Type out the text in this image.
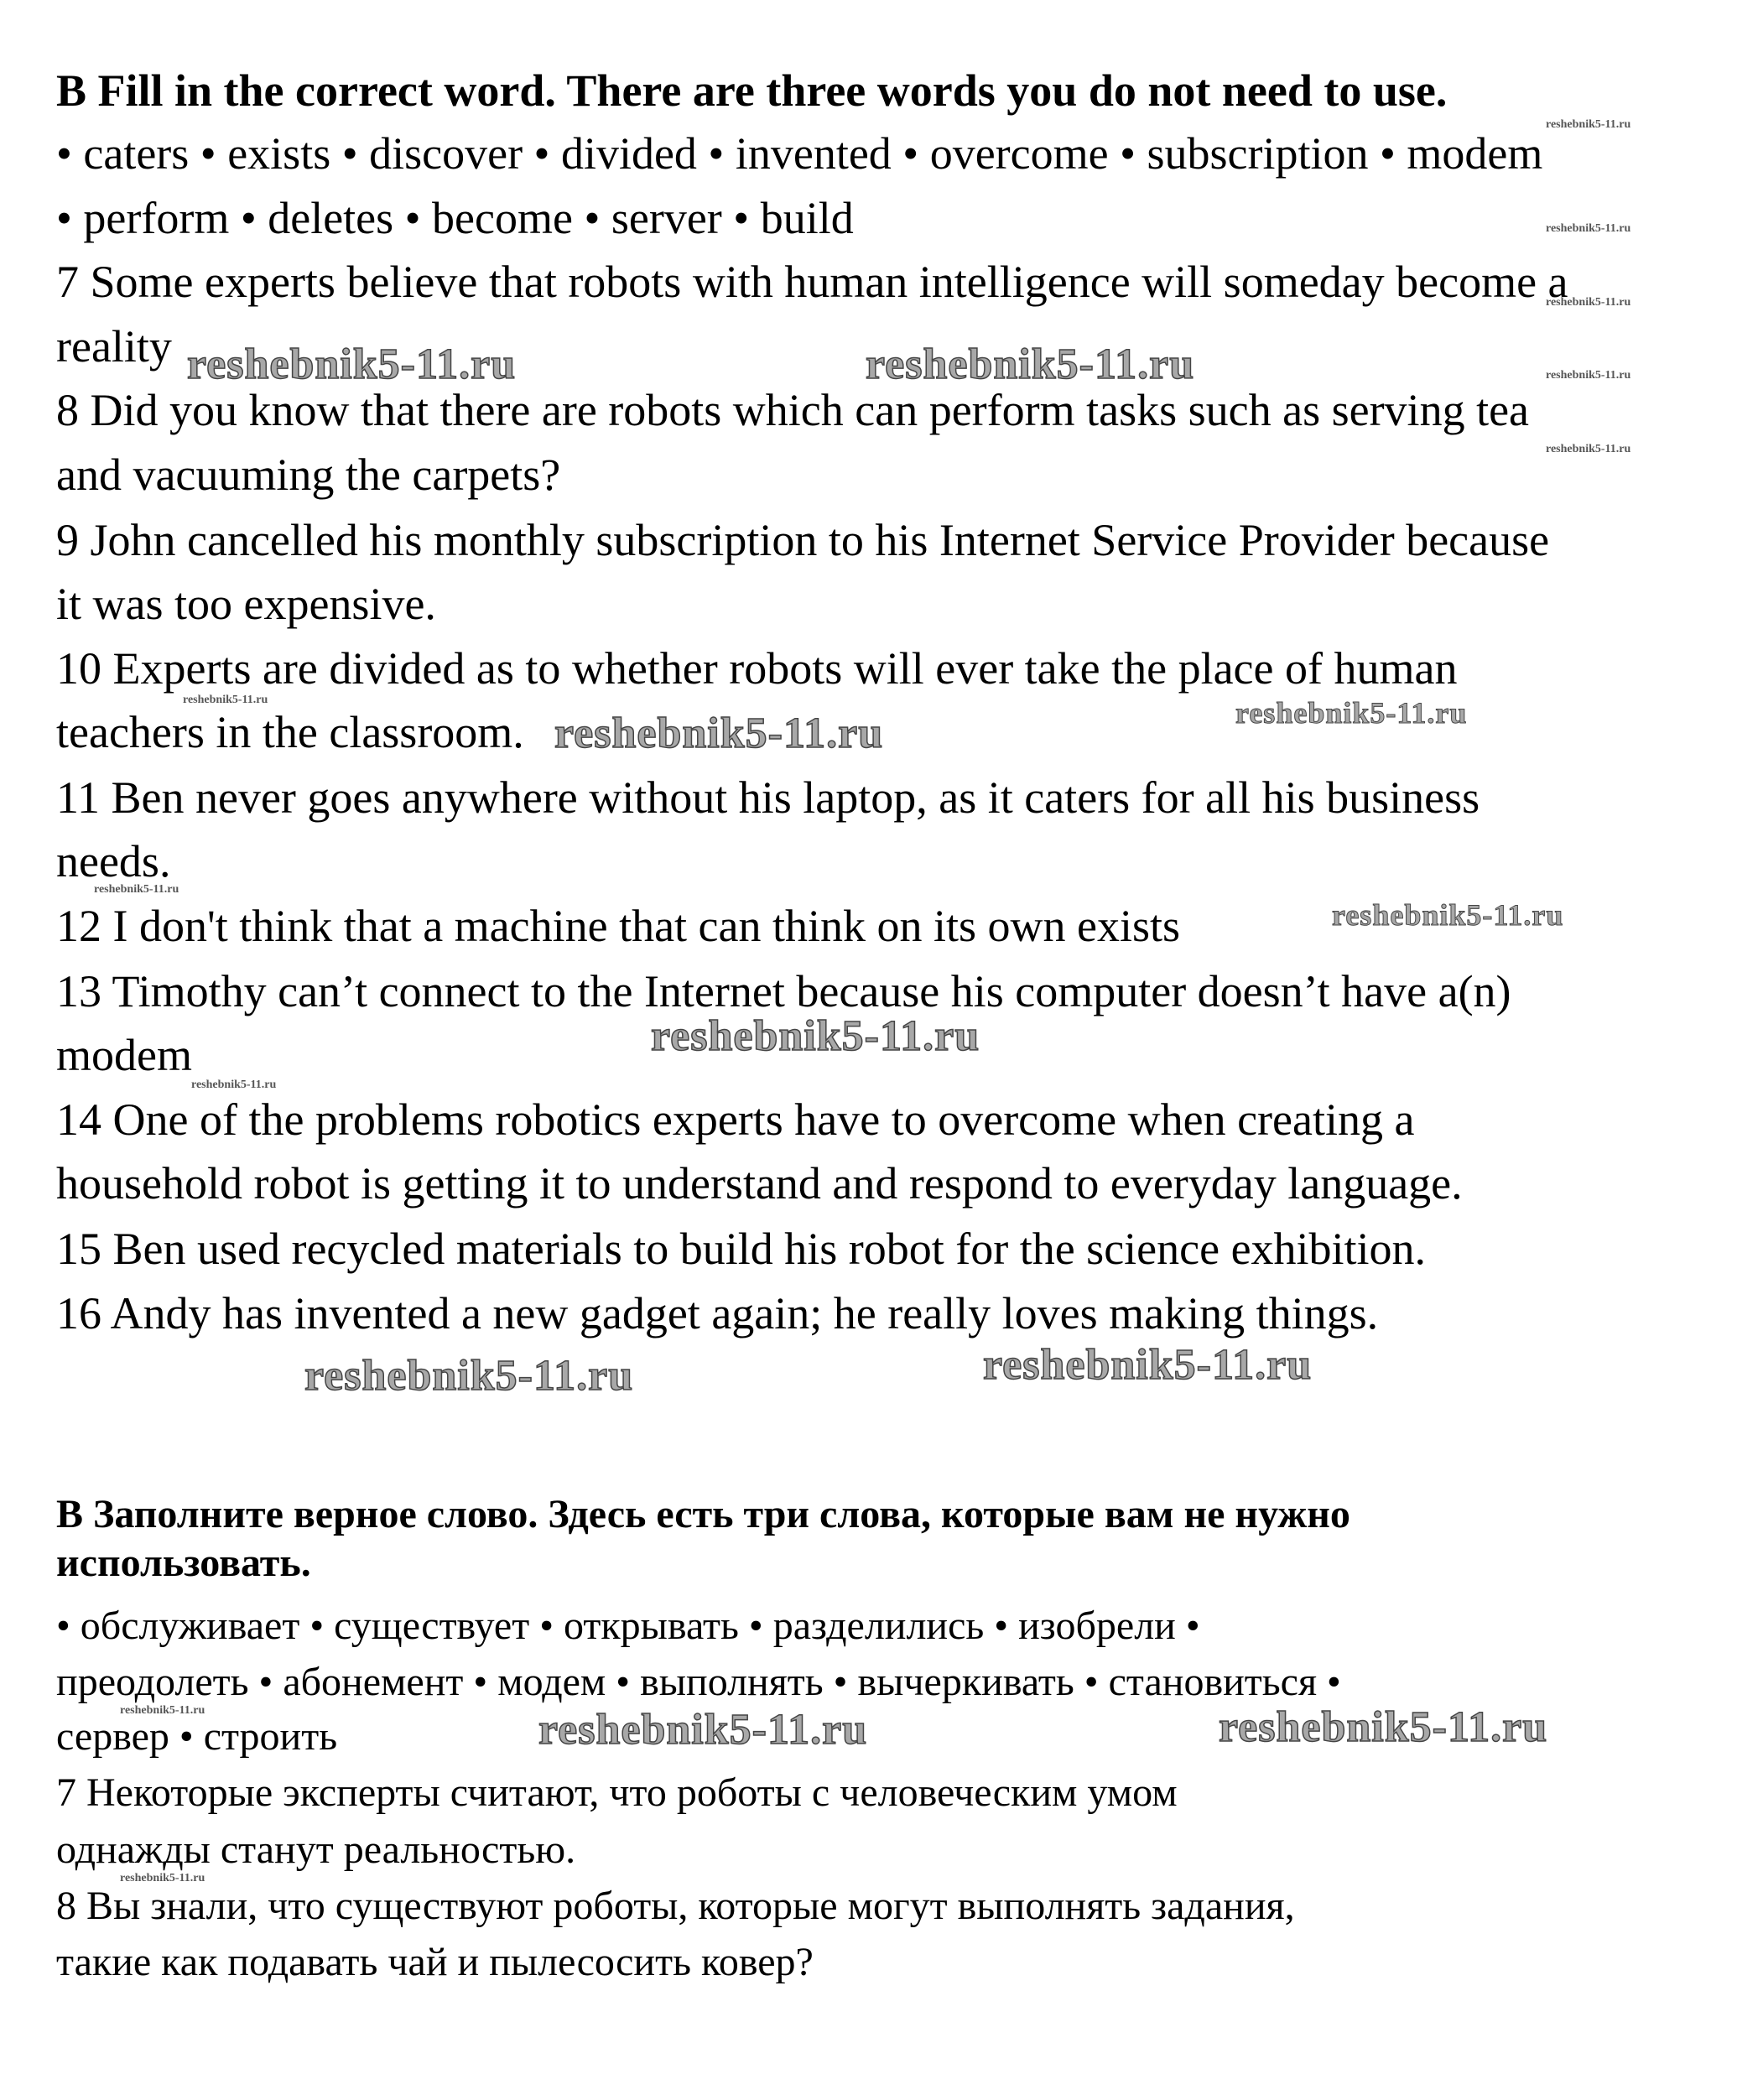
B Fill in the correct word. There are three words you do not need to use.
• caters • exists • discover • divided • invented • overcome • subscription • modem
• perform • deletes • become • server • build
7 Some experts believe that robots with human intelligence will someday become a
reality
8 Did you know that there are robots which can perform tasks such as serving tea
and vacuuming the carpets?
9 John cancelled his monthly subscription to his Internet Service Provider because
it was too expensive.
10 Experts are divided as to whether robots will ever take the place of human
teachers in the classroom.
11 Ben never goes anywhere without his laptop, as it caters for all his business
needs.
12 I don't think that a machine that can think on its own exists
13 Timothy can’t connect to the Internet because his computer doesn’t have a(n)
modem
14 One of the problems robotics experts have to overcome when creating a
household robot is getting it to understand and respond to everyday language.
15 Ben used recycled materials to build his robot for the science exhibition.
16 Andy has invented a new gadget again; he really loves making things.
В Заполните верное слово. Здесь есть три слова, которые вам не нужно
использовать.
• обслуживает • существует • открывать • разделились • изобрели •
преодолеть • абонемент • модем • выполнять • вычеркивать • становиться •
сервер • строить
7 Некоторые эксперты считают, что роботы с человеческим умом
однажды станут реальностью.
8 Вы знали, что существуют роботы, которые могут выполнять задания,
такие как подавать чай и пылесосить ковер?
reshebnik5-11.ru	reshebnik5-11.ru
reshebnik5-11.ru
reshebnik5-11.ru
reshebnik5-11.ru	reshebnik5-11.ru
reshebnik5-11.ru	reshebnik5-11.ru
reshebnik5-11.ru
reshebnik5-11.ru
reshebnik5-11.ru
reshebnik5-11.ru
reshebnik5-11.ru
reshebnik5-11.ru
reshebnik5-11.ru
reshebnik5-11.ru
reshebnik5-11.ru
reshebnik5-11.ru
reshebnik5-11.ru
reshebnik5-11.ru
